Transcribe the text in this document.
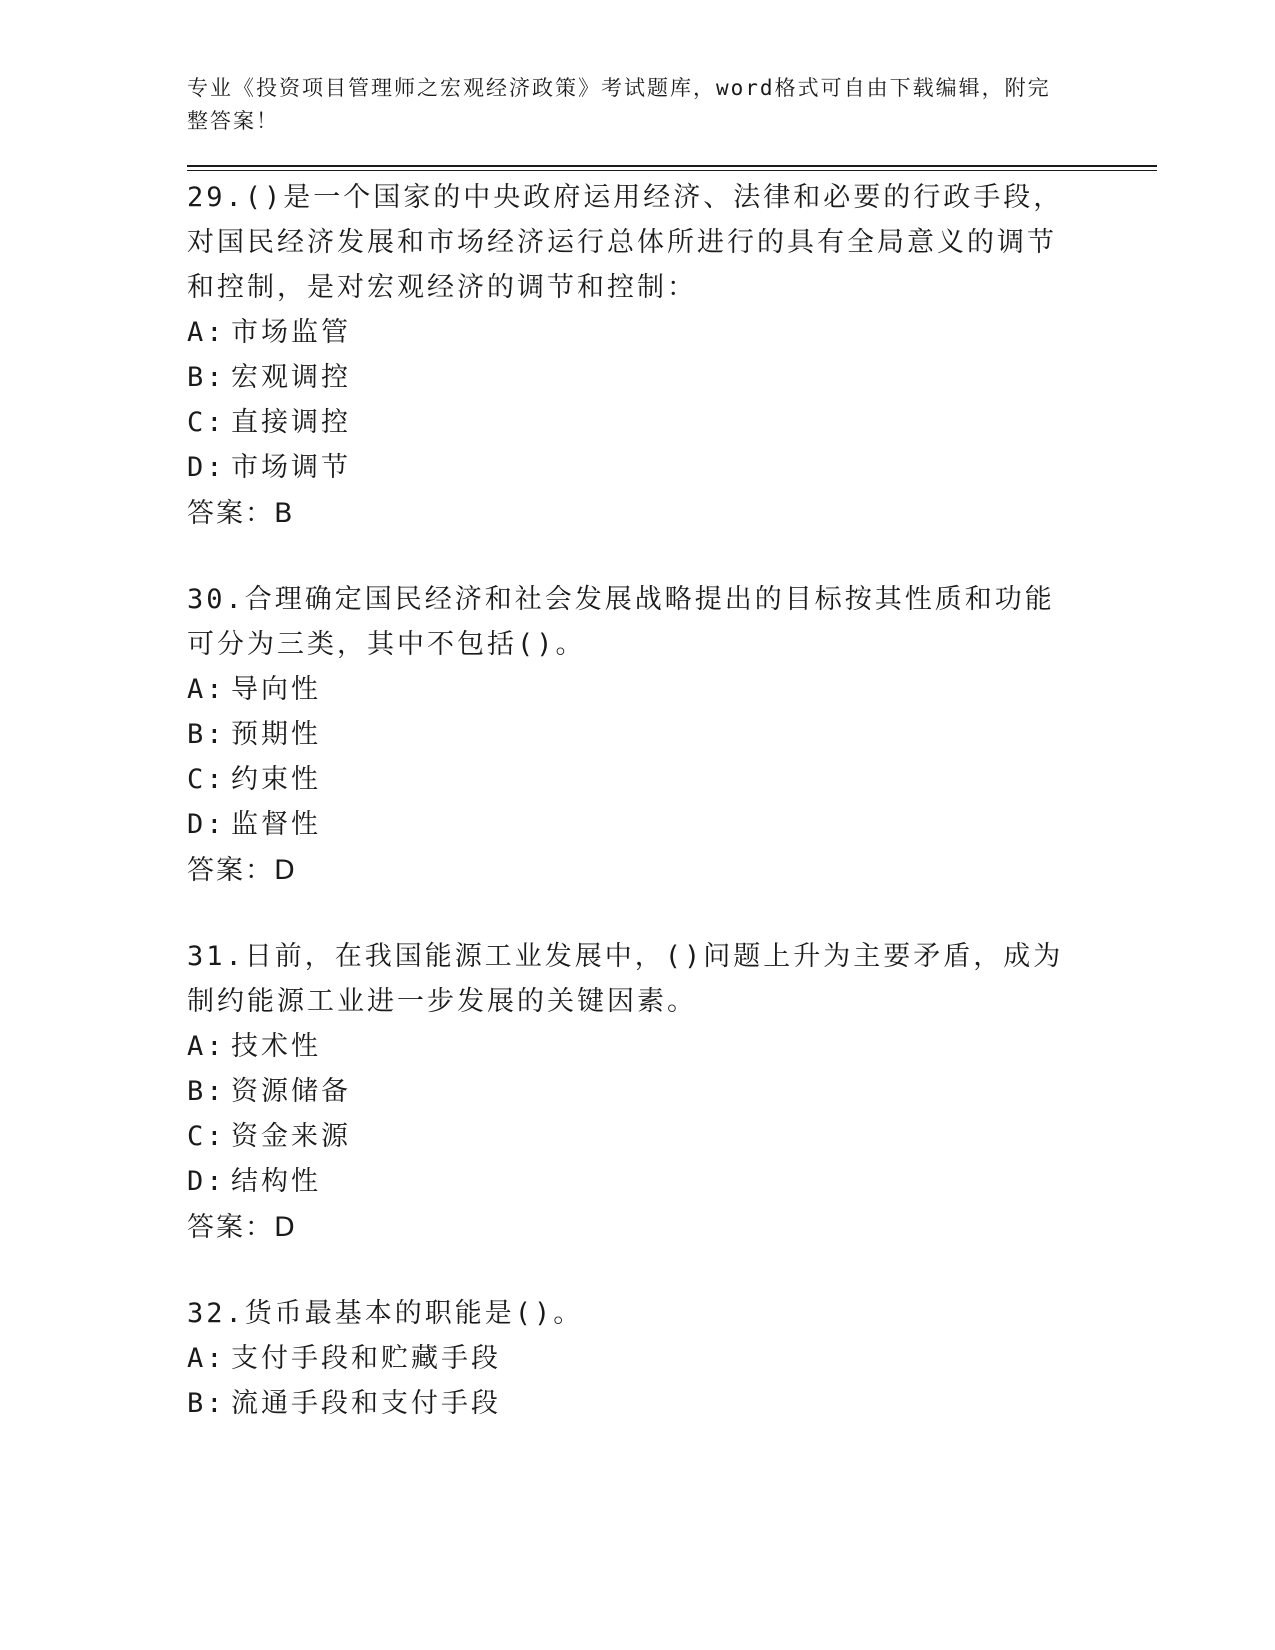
专业《投资项目管理师之宏观经济政策》考试题库，word格式可自由下载编辑，附完整答案！
29.()是一个国家的中央政府运用经济、法律和必要的行政手段，对国民经济发展和市场经济运行总体所进行的具有全局意义的调节和控制，是对宏观经济的调节和控制：
A: 市场监管
B: 宏观调控
C: 直接调控
D: 市场调节
答案：B
30.合理确定国民经济和社会发展战略提出的目标按其性质和功能可分为三类，其中不包括()。
A: 导向性
B: 预期性
C: 约束性
D: 监督性
答案：D
31.日前，在我国能源工业发展中，()问题上升为主要矛盾，成为制约能源工业进一步发展的关键因素。
A: 技术性
B: 资源储备
C: 资金来源
D: 结构性
答案：D
32.货币最基本的职能是()。
A: 支付手段和贮藏手段
B: 流通手段和支付手段
